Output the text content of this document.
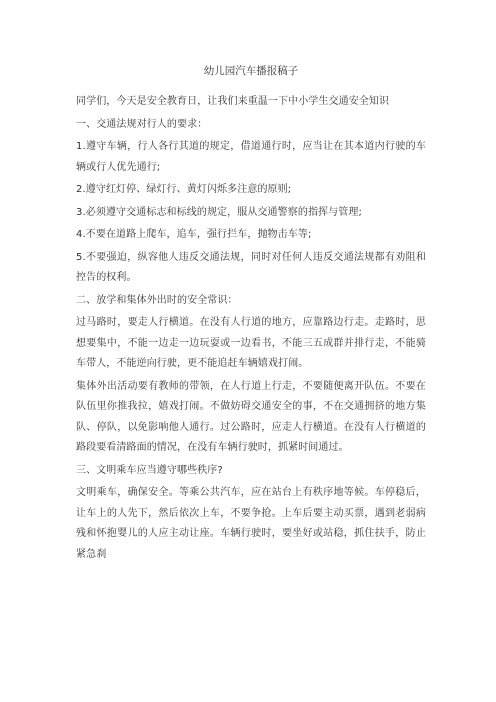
幼儿园汽车播报稿子

同学们，今天是安全教育日，让我们来重温一下中小学生交通安全知识

一、交通法规对行人的要求：

1.遵守车辆，行人各行其道的规定，借道通行时，应当让在其本道内行驶的车辆或行人优先通行;

2.遵守红灯停、绿灯行、黄灯闪烁多注意的原则;

3.必须遵守交通标志和标线的规定，服从交通警察的指挥与管理;

4.不要在道路上爬车，追车，强行拦车，抛物击车等;

5.不要强迫，纵容他人违反交通法规，同时对任何人违反交通法规都有劝阻和控告的权利。

二、放学和集体外出时的安全常识：

过马路时，要走人行横道。在没有人行道的地方，应靠路边行走。走路时，思想要集中，不能一边走一边玩耍或一边看书，不能三五成群并排行走，不能骑车带人，不能逆向行驶，更不能追赶车辆嬉戏打闹。

集体外出活动要有教师的带领，在人行道上行走，不要随便离开队伍。不要在队伍里你推我拉，嬉戏打闹。不做妨碍交通安全的事，不在交通拥挤的地方集队、停队，以免影响他人通行。过公路时，应走人行横道。在没有人行横道的路段要看清路面的情况，在没有车辆行驶时，抓紧时间通过。

三、文明乘车应当遵守哪些秩序?

文明乘车，确保安全。等乘公共汽车，应在站台上有秩序地等候。车停稳后，让车上的人先下，然后依次上车，不要争抢。上车后要主动买票，遇到老弱病残和怀抱婴儿的人应主动让座。车辆行驶时，要坐好或站稳，抓住扶手，防止紧急刹
